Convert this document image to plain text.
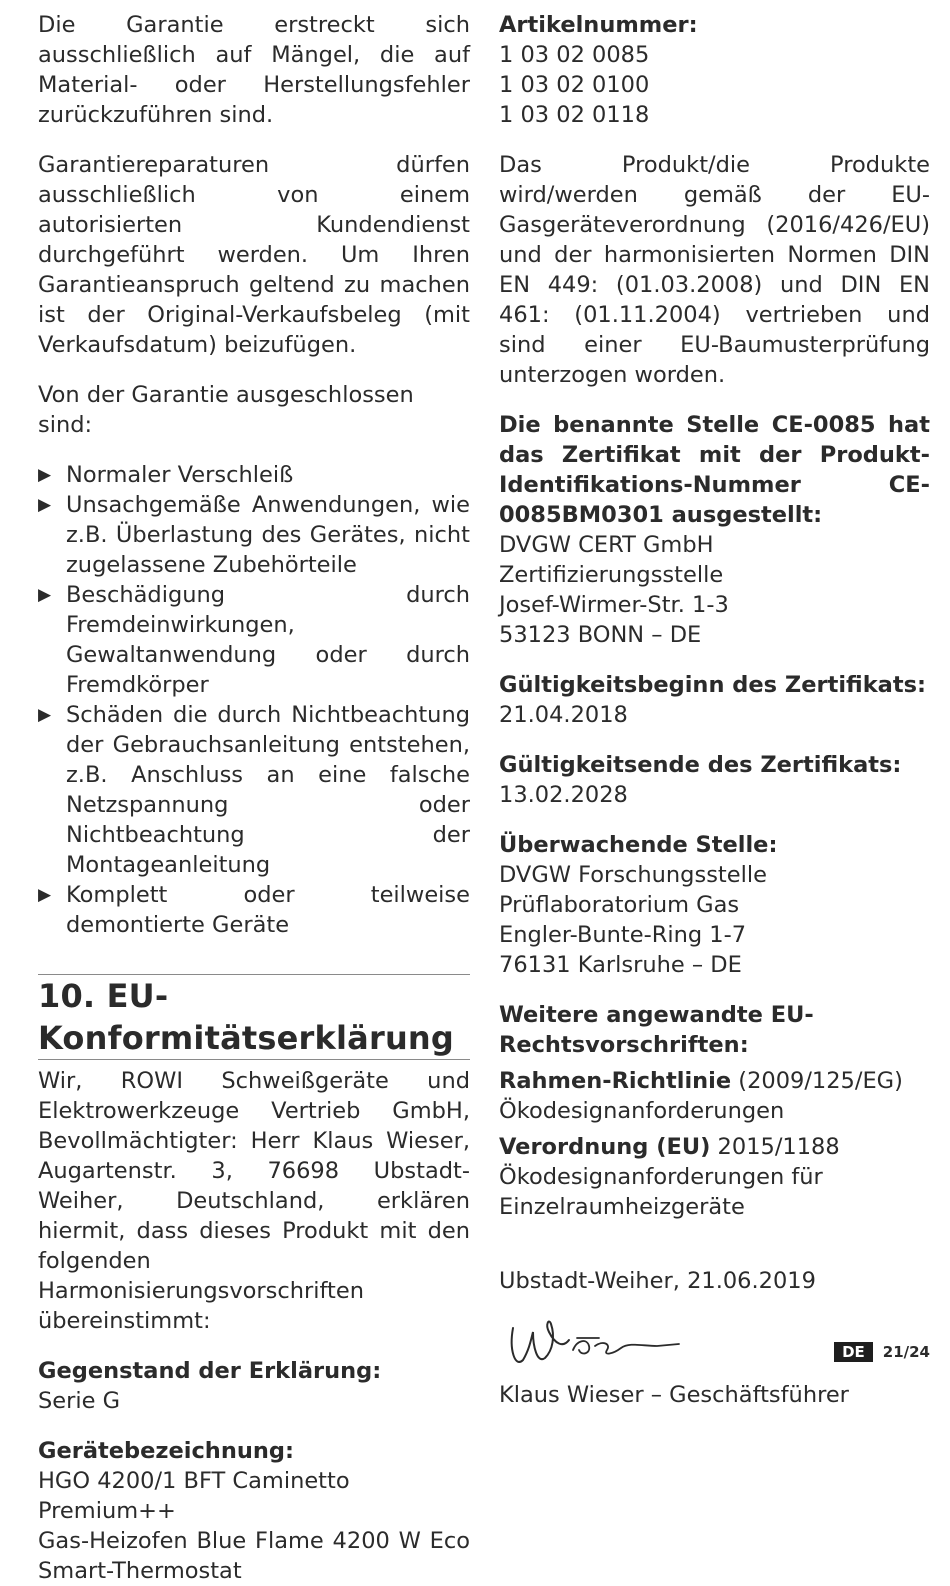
Die Garantie erstreckt sich ausschließlich auf Mängel, die auf Material- oder Herstellungsfehler zurückzuführen sind.

Garantiereparaturen dürfen ausschließlich von einem autorisierten Kundendienst durchgeführt werden. Um Ihren Garantieanspruch geltend zu machen ist der Original-Verkaufsbeleg (mit Verkaufsdatum) beizufügen.

Von der Garantie ausgeschlossen sind:

▶ Normaler Verschleiß
▶ Unsachgemäße Anwendungen, wie z.B. Überlastung des Gerätes, nicht zugelassene Zubehörteile
▶ Beschädigung durch Fremdeinwirkungen, Gewaltanwendung oder durch Fremdkörper
▶ Schäden die durch Nichtbeachtung der Gebrauchsanleitung entstehen, z.B. Anschluss an eine falsche Netzspannung oder Nichtbeachtung der Montageanleitung
▶ Komplett oder teilweise demontierte Geräte
10. EU-Konformitätserklärung

Wir, ROWI Schweißgeräte und Elektrowerkzeuge Vertrieb GmbH, Bevollmächtigter: Herr Klaus Wieser, Augartenstr. 3, 76698 Ubstadt-Weiher, Deutschland, erklären hiermit, dass dieses Produkt mit den folgenden Harmonisierungsvorschriften übereinstimmt:

Gegenstand der Erklärung:

Serie G

Gerätebezeichnung:

HGO 4200/1 BFT Caminetto Premium++

Gas-Heizofen Blue Flame 4200 W Eco Smart-Thermostat

Artikelnummer:

1 03 02 0085

1 03 02 0100

1 03 02 0118

Das Produkt/die Produkte wird/werden gemäß der EU-Gasgeräteverordnung (2016/426/EU) und der harmonisierten Normen DIN EN 449: (01.03.2008) und DIN EN 461: (01.11.2004) vertrieben und sind einer EU-Baumusterprüfung unterzogen worden.

Die benannte Stelle CE-0085 hat das Zertifikat mit der Produkt-Identifikations-Nummer CE-0085BM0301 ausgestellt:

DVGW CERT GmbH Zertifizierungsstelle

Josef-Wirmer-Str. 1-3

53123 BONN – DE

Gültigkeitsbeginn des Zertifikats:

21.04.2018

Gültigkeitsende des Zertifikats:

13.02.2028

Überwachende Stelle:

DVGW Forschungsstelle

Prüflaboratorium Gas

Engler-Bunte-Ring 1-7

76131 Karlsruhe – DE

Weitere angewandte EU-Rechtsvorschriften:

Rahmen-Richtlinie (2009/125/EG) Ökodesignanforderungen

Verordnung (EU) 2015/1188 Ökodesignanforderungen für Einzelraumheizgeräte

Ubstadt-Weiher, 21.06.2019

Klaus Wieser – Geschäftsführer

DE	21/24
